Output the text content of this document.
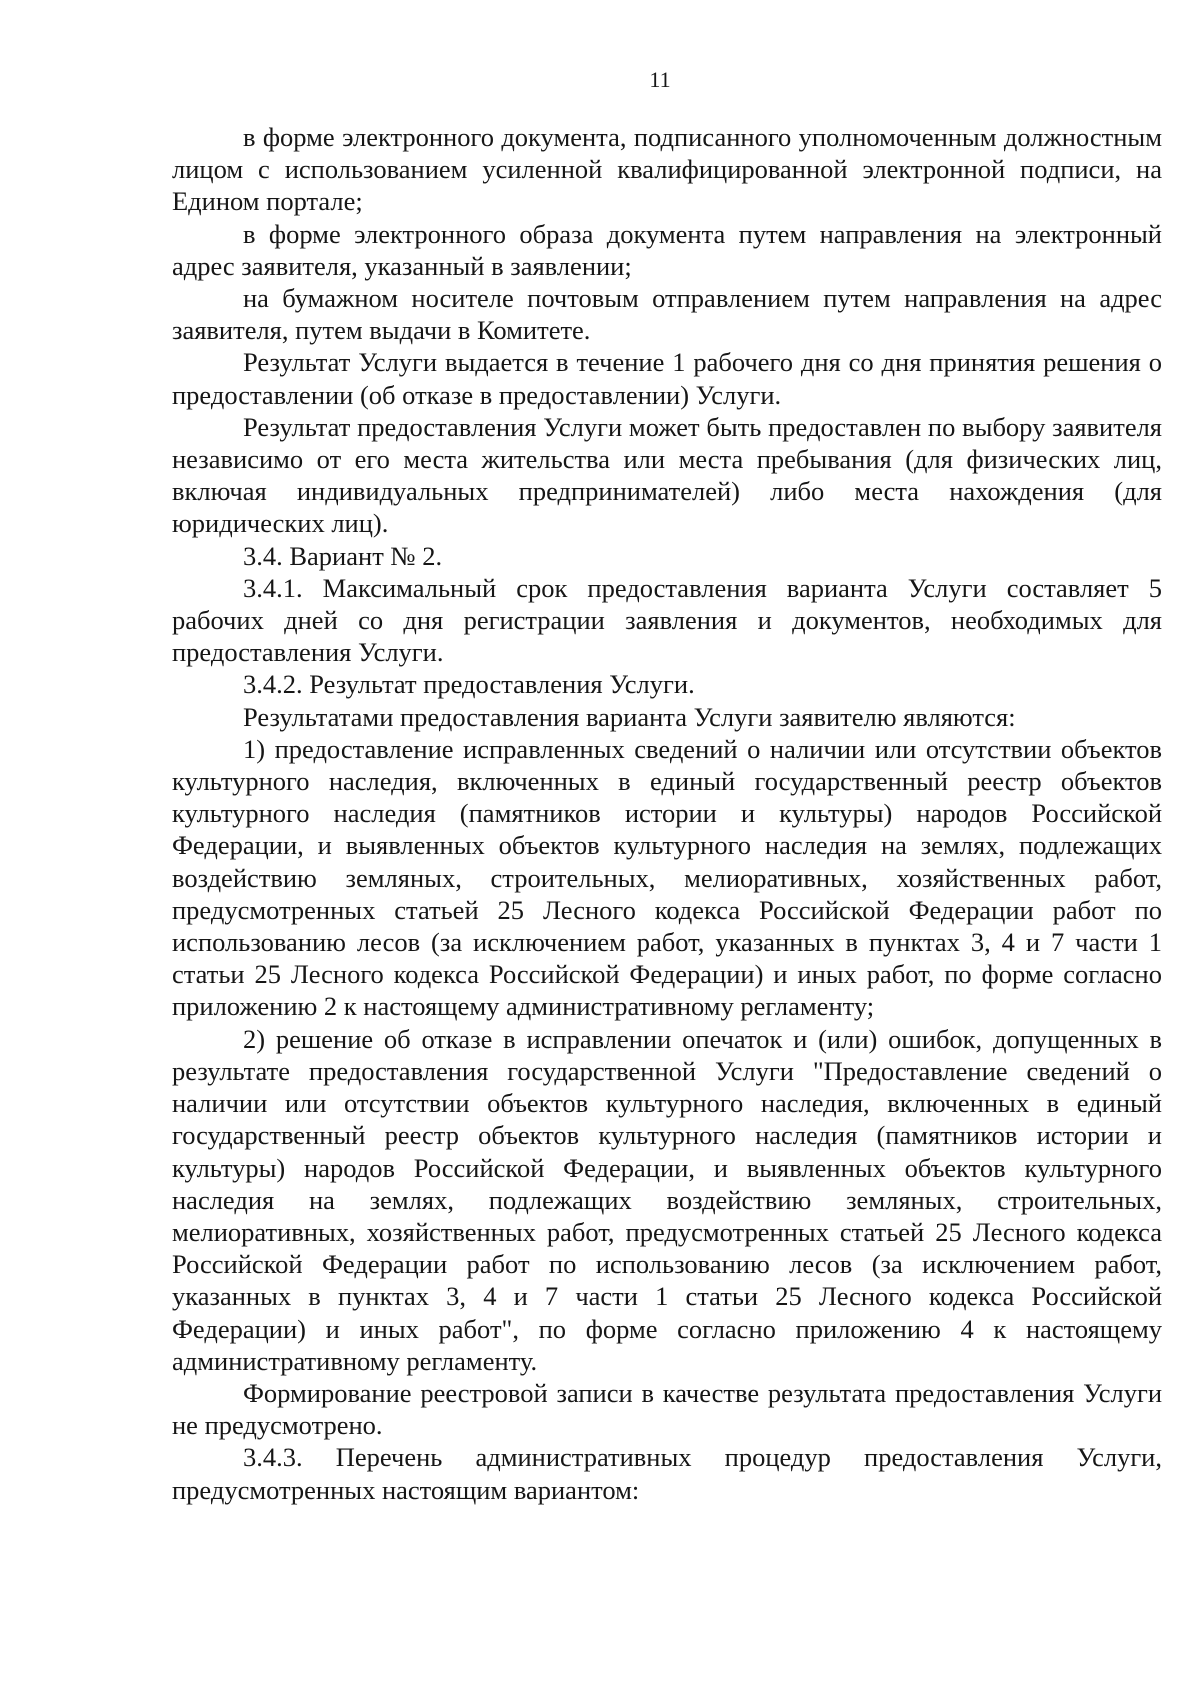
11

в форме электронного документа, подписанного уполномоченным должностным лицом с использованием усиленной квалифицированной электронной подписи, на Едином портале;

в форме электронного образа документа путем направления на электронный адрес заявителя, указанный в заявлении;

на бумажном носителе почтовым отправлением путем направления на адрес заявителя, путем выдачи в Комитете.

Результат Услуги выдается в течение 1 рабочего дня со дня принятия решения о предоставлении (об отказе в предоставлении) Услуги.

Результат предоставления Услуги может быть предоставлен по выбору заявителя независимо от его места жительства или места пребывания (для физических лиц, включая индивидуальных предпринимателей) либо места нахождения (для юридических лиц).

3.4. Вариант № 2.

3.4.1. Максимальный срок предоставления варианта Услуги составляет 5 рабочих дней со дня регистрации заявления и документов, необходимых для предоставления Услуги.

3.4.2. Результат предоставления Услуги.

Результатами предоставления варианта Услуги заявителю являются:

1) предоставление исправленных сведений о наличии или отсутствии объектов культурного наследия, включенных в единый государственный реестр объектов культурного наследия (памятников истории и культуры) народов Российской Федерации, и выявленных объектов культурного наследия на землях, подлежащих воздействию земляных, строительных, мелиоративных, хозяйственных работ, предусмотренных статьей 25 Лесного кодекса Российской Федерации работ по использованию лесов (за исключением работ, указанных в пунктах 3, 4 и 7 части 1 статьи 25 Лесного кодекса Российской Федерации) и иных работ, по форме согласно приложению 2 к настоящему административному регламенту;

2) решение об отказе в исправлении опечаток и (или) ошибок, допущенных в результате предоставления государственной Услуги "Предоставление сведений о наличии или отсутствии объектов культурного наследия, включенных в единый государственный реестр объектов культурного наследия (памятников истории и культуры) народов Российской Федерации, и выявленных объектов культурного наследия на землях, подлежащих воздействию земляных, строительных, мелиоративных, хозяйственных работ, предусмотренных статьей 25 Лесного кодекса Российской Федерации работ по использованию лесов (за исключением работ, указанных в пунктах 3, 4 и 7 части 1 статьи 25 Лесного кодекса Российской Федерации) и иных работ", по форме согласно приложению 4 к настоящему административному регламенту.

Формирование реестровой записи в качестве результата предоставления Услуги не предусмотрено.

3.4.3. Перечень административных процедур предоставления Услуги, предусмотренных настоящим вариантом:
